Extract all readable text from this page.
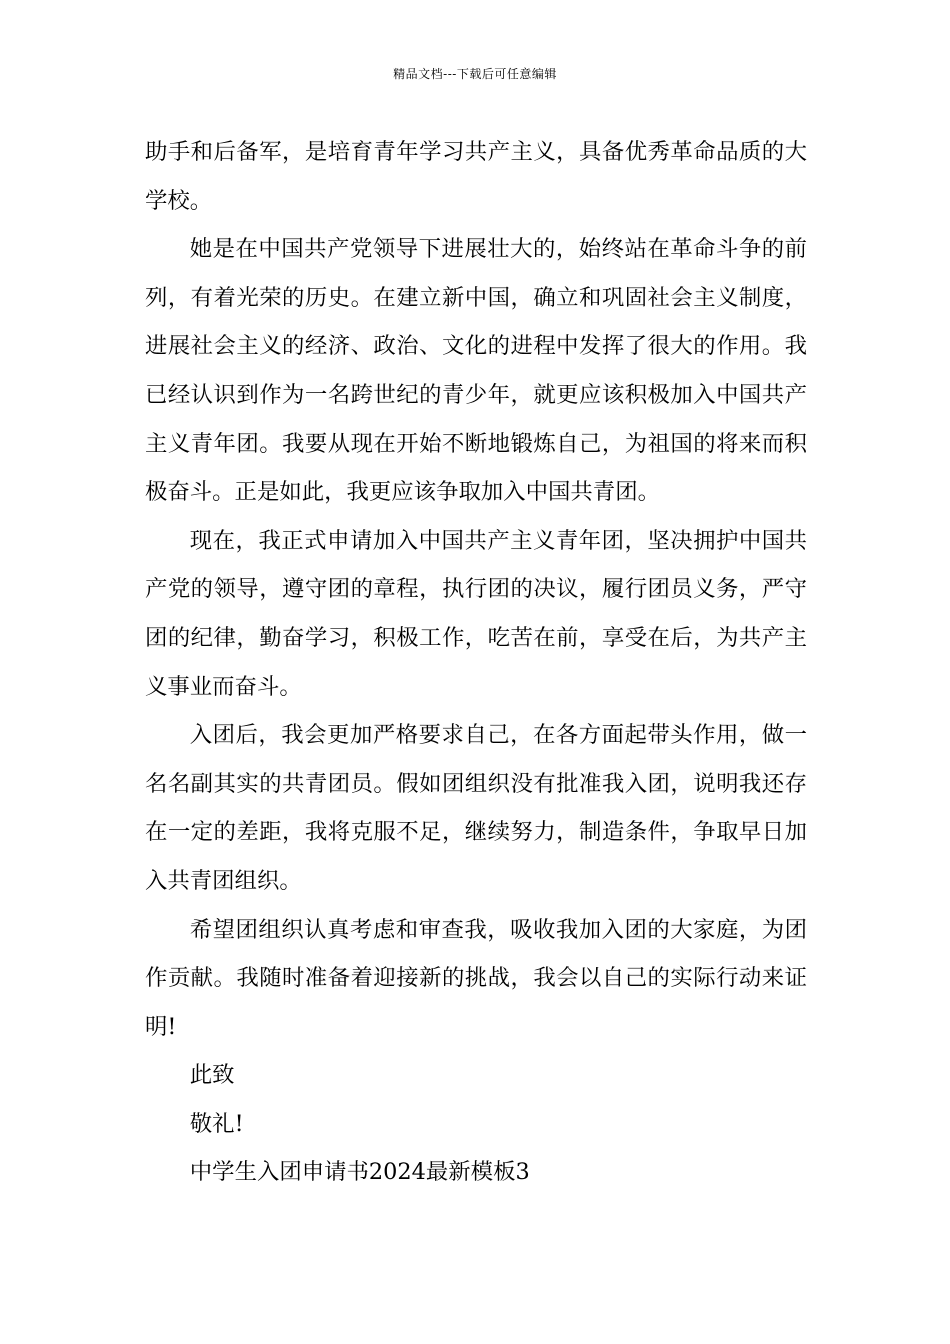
精品文档---下载后可任意编辑

助手和后备军，是培育青年学习共产主义，具备优秀革命品质的大学校。

她是在中国共产党领导下进展壮大的，始终站在革命斗争的前列，有着光荣的历史。在建立新中国，确立和巩固社会主义制度，进展社会主义的经济、政治、文化的进程中发挥了很大的作用。我已经认识到作为一名跨世纪的青少年，就更应该积极加入中国共产主义青年团。我要从现在开始不断地锻炼自己，为祖国的将来而积极奋斗。正是如此，我更应该争取加入中国共青团。

现在，我正式申请加入中国共产主义青年团，坚决拥护中国共产党的领导，遵守团的章程，执行团的决议，履行团员义务，严守团的纪律，勤奋学习，积极工作，吃苦在前，享受在后，为共产主义事业而奋斗。

入团后，我会更加严格要求自己，在各方面起带头作用，做一名名副其实的共青团员。假如团组织没有批准我入团，说明我还存在一定的差距，我将克服不足，继续努力，制造条件，争取早日加入共青团组织。

希望团组织认真考虑和审查我，吸收我加入团的大家庭，为团作贡献。我随时准备着迎接新的挑战，我会以自己的实际行动来证明!

此致

敬礼!

中学生入团申请书2024最新模板3
